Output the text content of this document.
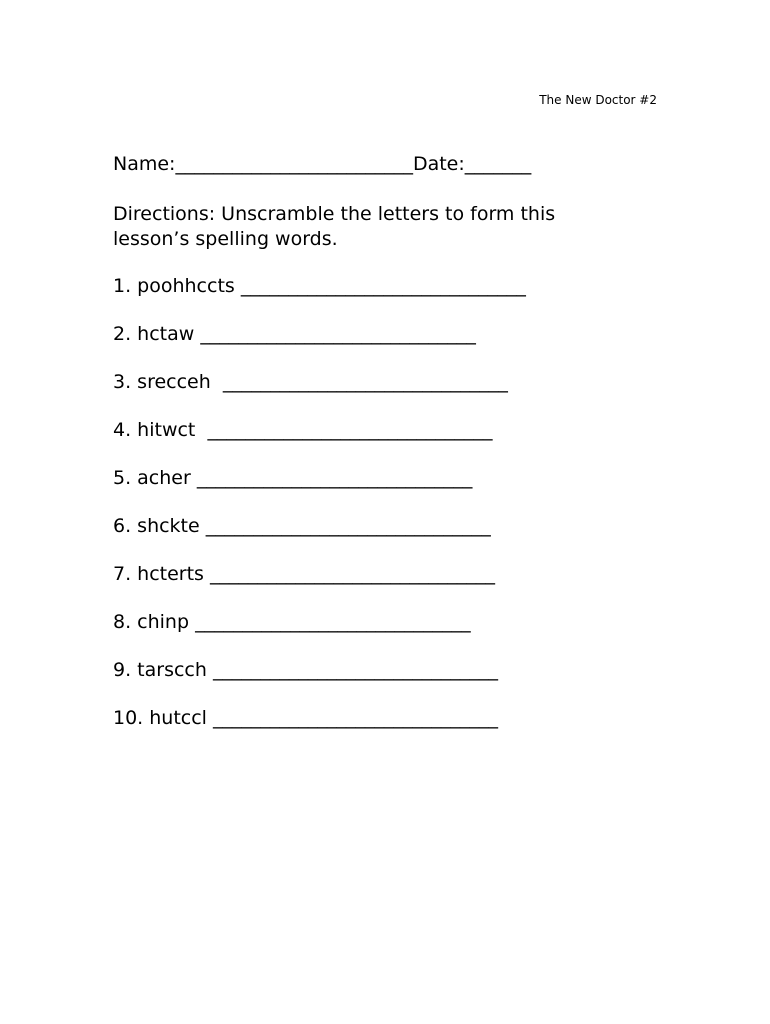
The New Doctor #2
Name:_________________________Date:_______

Directions: Unscramble the letters to form this

lesson’s spelling words.

1. poohhccts ______________________________
2. hctaw _____________________________
3. srecceh  ______________________________
4. hitwct  ______________________________
5. acher _____________________________
6. shckte ______________________________
7. hcterts ______________________________
8. chinp _____________________________
9. tarscch ______________________________
10. hutccl ______________________________
